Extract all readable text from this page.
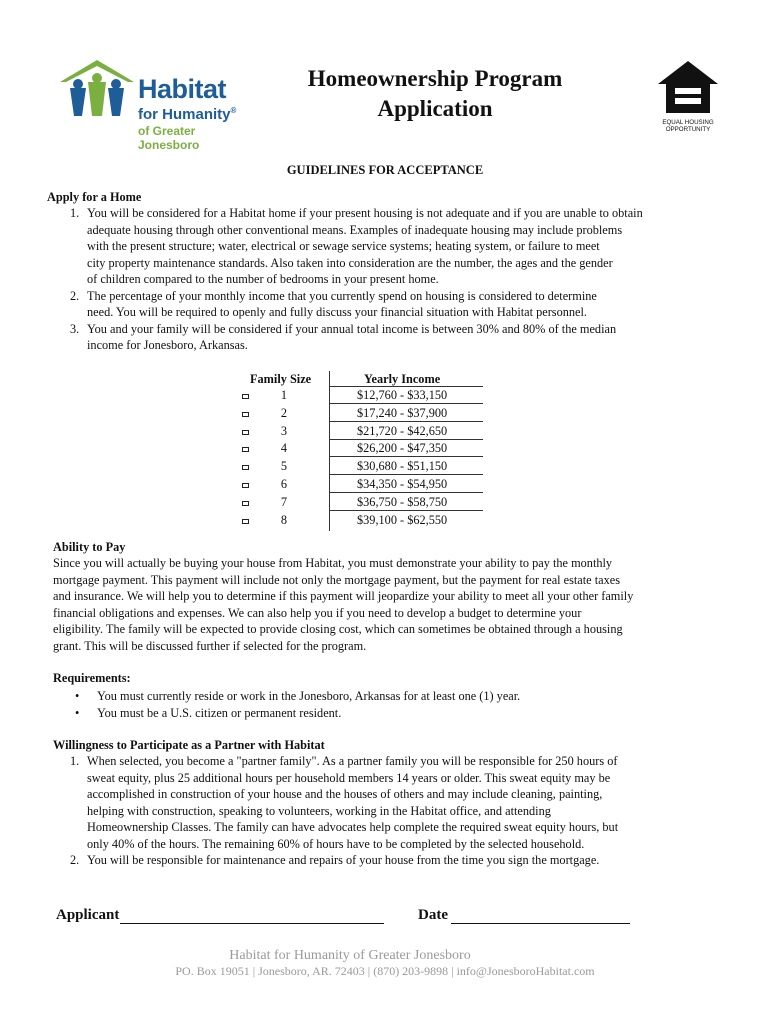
Habitat
for Humanity®
of Greater Jonesboro
Homeownership Program
Application
EQUAL HOUSING
OPPORTUNITY
GUIDELINES FOR ACCEPTANCE
Apply for a Home
1. You will be considered for a Habitat home if your present housing is not adequate and if you are unable to obtain
adequate housing through other conventional means. Examples of inadequate housing may include problems
with the present structure; water, electrical or sewage service systems; heating system, or failure to meet
city property maintenance standards. Also taken into consideration are the number, the ages and the gender
of children compared to the number of bedrooms in your present home.
2. The percentage of your monthly income that you currently spend on housing is considered to determine
need. You will be required to openly and fully discuss your financial situation with Habitat personnel.
3. You and your family will be considered if your annual total income is between 30% and 80% of the median
income for Jonesboro, Arkansas.
Family Size	Yearly Income
1	$12,760 - $33,150
2	$17,240 - $37,900
3	$21,720 - $42,650
4	$26,200 - $47,350
5	$30,680 - $51,150
6	$34,350 - $54,950
7	$36,750 - $58,750
8	$39,100 - $62,550
Ability to Pay
Since you will actually be buying your house from Habitat, you must demonstrate your ability to pay the monthly
mortgage payment. This payment will include not only the mortgage payment, but the payment for real estate taxes
and insurance. We will help you to determine if this payment will jeopardize your ability to meet all your other family
financial obligations and expenses. We can also help you if you need to develop a budget to determine your
eligibility. The family will be expected to provide closing cost, which can sometimes be obtained through a housing
grant. This will be discussed further if selected for the program.
Requirements:
• You must currently reside or work in the Jonesboro, Arkansas for at least one (1) year.
• You must be a U.S. citizen or permanent resident.
Willingness to Participate as a Partner with Habitat
1. When selected, you become a "partner family". As a partner family you will be responsible for 250 hours of
sweat equity, plus 25 additional hours per household members 14 years or older. This sweat equity may be
accomplished in construction of your house and the houses of others and may include cleaning, painting,
helping with construction, speaking to volunteers, working in the Habitat office, and attending
Homeownership Classes. The family can have advocates help complete the required sweat equity hours, but
only 40% of the hours. The remaining 60% of hours have to be completed by the selected household.
2. You will be responsible for maintenance and repairs of your house from the time you sign the mortgage.
Applicant	Date
Habitat for Humanity of Greater Jonesboro
PO. Box 19051 | Jonesboro, AR. 72403 | (870) 203-9898 | info@JonesboroHabitat.com
